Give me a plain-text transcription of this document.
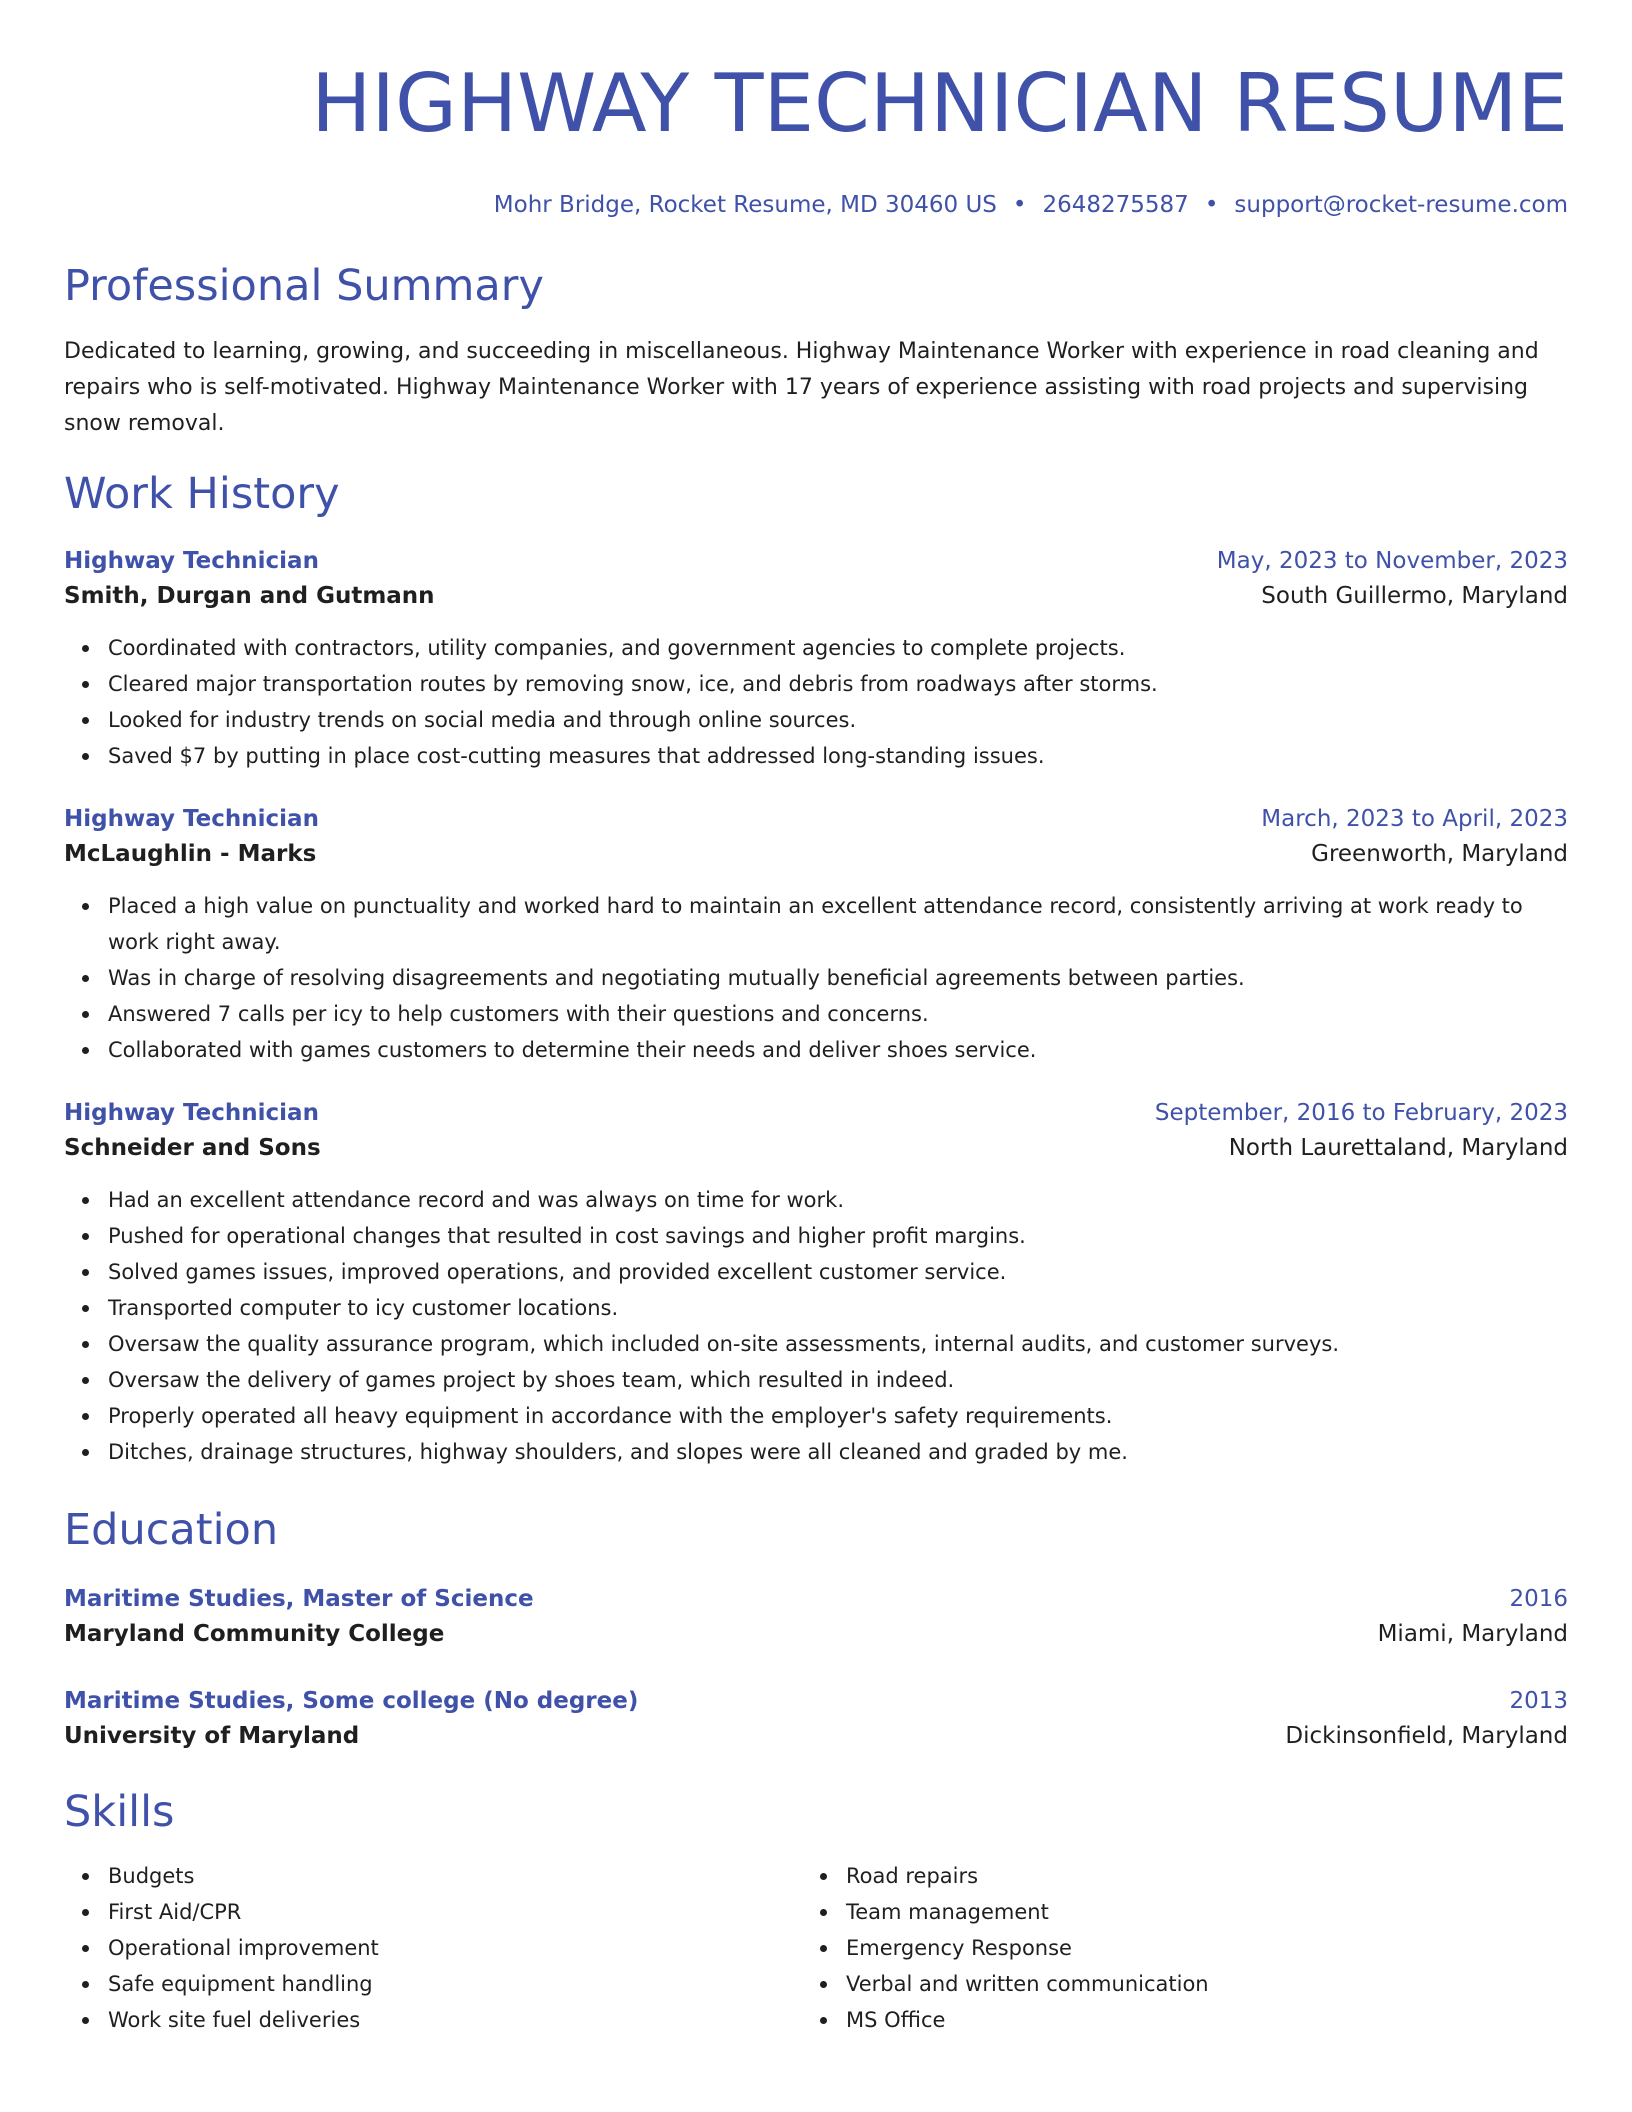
HIGHWAY TECHNICIAN RESUME
Mohr Bridge, Rocket Resume, MD 30460 US • 2648275587 • support@rocket-resume.com
Professional Summary
Dedicated to learning, growing, and succeeding in miscellaneous. Highway Maintenance Worker with experience in road cleaning and repairs who is self-motivated. Highway Maintenance Worker with 17 years of experience assisting with road projects and supervising snow removal.
Work History
Highway Technician	May, 2023 to November, 2023
Smith, Durgan and Gutmann	South Guillermo, Maryland
Coordinated with contractors, utility companies, and government agencies to complete projects.
Cleared major transportation routes by removing snow, ice, and debris from roadways after storms.
Looked for industry trends on social media and through online sources.
Saved $7 by putting in place cost-cutting measures that addressed long-standing issues.
Highway Technician	March, 2023 to April, 2023
McLaughlin - Marks	Greenworth, Maryland
Placed a high value on punctuality and worked hard to maintain an excellent attendance record, consistently arriving at work ready to work right away.
Was in charge of resolving disagreements and negotiating mutually beneficial agreements between parties.
Answered 7 calls per icy to help customers with their questions and concerns.
Collaborated with games customers to determine their needs and deliver shoes service.
Highway Technician	September, 2016 to February, 2023
Schneider and Sons	North Laurettaland, Maryland
Had an excellent attendance record and was always on time for work.
Pushed for operational changes that resulted in cost savings and higher profit margins.
Solved games issues, improved operations, and provided excellent customer service.
Transported computer to icy customer locations.
Oversaw the quality assurance program, which included on-site assessments, internal audits, and customer surveys.
Oversaw the delivery of games project by shoes team, which resulted in indeed.
Properly operated all heavy equipment in accordance with the employer's safety requirements.
Ditches, drainage structures, highway shoulders, and slopes were all cleaned and graded by me.
Education
Maritime Studies, Master of Science	2016
Maryland Community College	Miami, Maryland
Maritime Studies, Some college (No degree)	2013
University of Maryland	Dickinsonfield, Maryland
Skills
Budgets
First Aid/CPR
Operational improvement
Safe equipment handling
Work site fuel deliveries
Road repairs
Team management
Emergency Response
Verbal and written communication
MS Office
